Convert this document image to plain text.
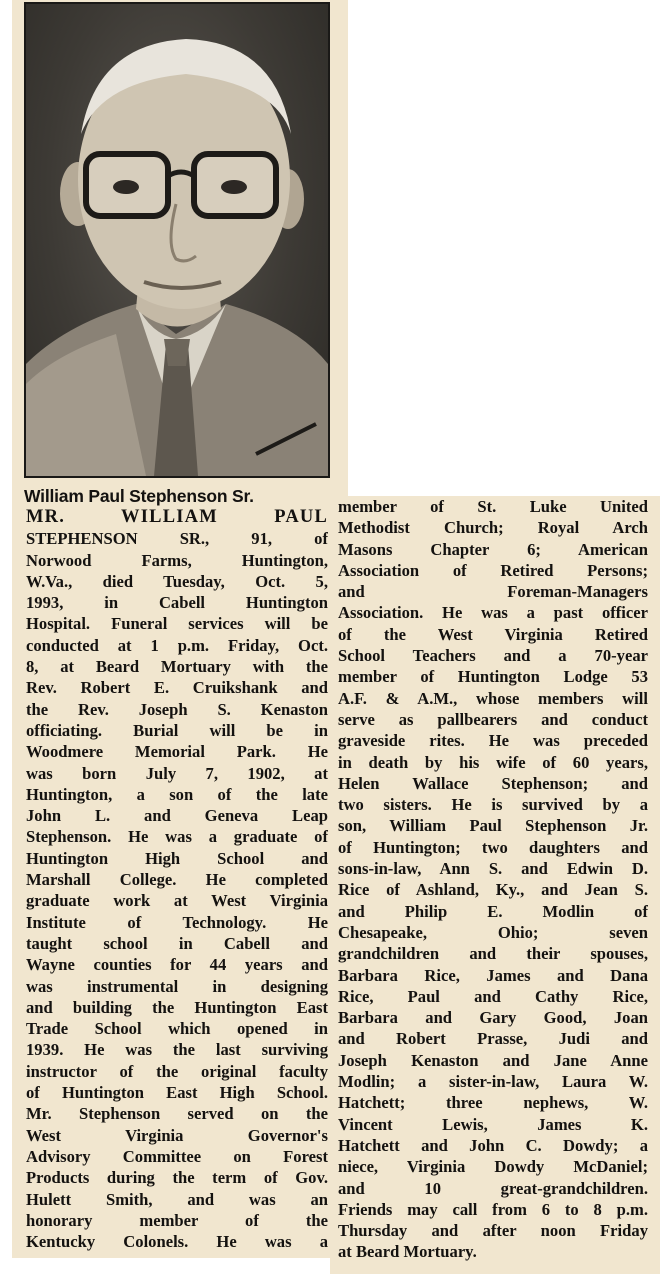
William Paul Stephenson Sr.
MR. WILLIAM PAUL
STEPHENSON SR., 91, of
Norwood Farms, Huntington,
W.Va., died Tuesday, Oct. 5,
1993, in Cabell Huntington
Hospital. Funeral services will be
conducted at 1 p.m. Friday, Oct.
8, at Beard Mortuary with the
Rev. Robert E. Cruikshank and
the Rev. Joseph S. Kenaston
officiating. Burial will be in
Woodmere Memorial Park. He
was born July 7, 1902, at
Huntington, a son of the late
John L. and Geneva Leap
Stephenson. He was a graduate of
Huntington High School and
Marshall College. He completed
graduate work at West Virginia
Institute of Technology. He
taught school in Cabell and
Wayne counties for 44 years and
was instrumental in designing
and building the Huntington East
Trade School which opened in
1939. He was the last surviving
instructor of the original faculty
of Huntington East High School.
Mr. Stephenson served on the
West Virginia Governor's
Advisory Committee on Forest
Products during the term of Gov.
Hulett Smith, and was an
honorary member of the
Kentucky Colonels. He was a
member of St. Luke United
Methodist Church; Royal Arch
Masons Chapter 6; American
Association of Retired Persons;
and Foreman-Managers
Association. He was a past officer
of the West Virginia Retired
School Teachers and a 70-year
member of Huntington Lodge 53
A.F. & A.M., whose members will
serve as pallbearers and conduct
graveside rites. He was preceded
in death by his wife of 60 years,
Helen Wallace Stephenson; and
two sisters. He is survived by a
son, William Paul Stephenson Jr.
of Huntington; two daughters and
sons-in-law, Ann S. and Edwin D.
Rice of Ashland, Ky., and Jean S.
and Philip E. Modlin of
Chesapeake, Ohio; seven
grandchildren and their spouses,
Barbara Rice, James and Dana
Rice, Paul and Cathy Rice,
Barbara and Gary Good, Joan
and Robert Prasse, Judi and
Joseph Kenaston and Jane Anne
Modlin; a sister-in-law, Laura W.
Hatchett; three nephews, W.
Vincent Lewis, James K.
Hatchett and John C. Dowdy; a
niece, Virginia Dowdy McDaniel;
and 10 great-grandchildren.
Friends may call from 6 to 8 p.m.
Thursday and after noon Friday
at Beard Mortuary.
